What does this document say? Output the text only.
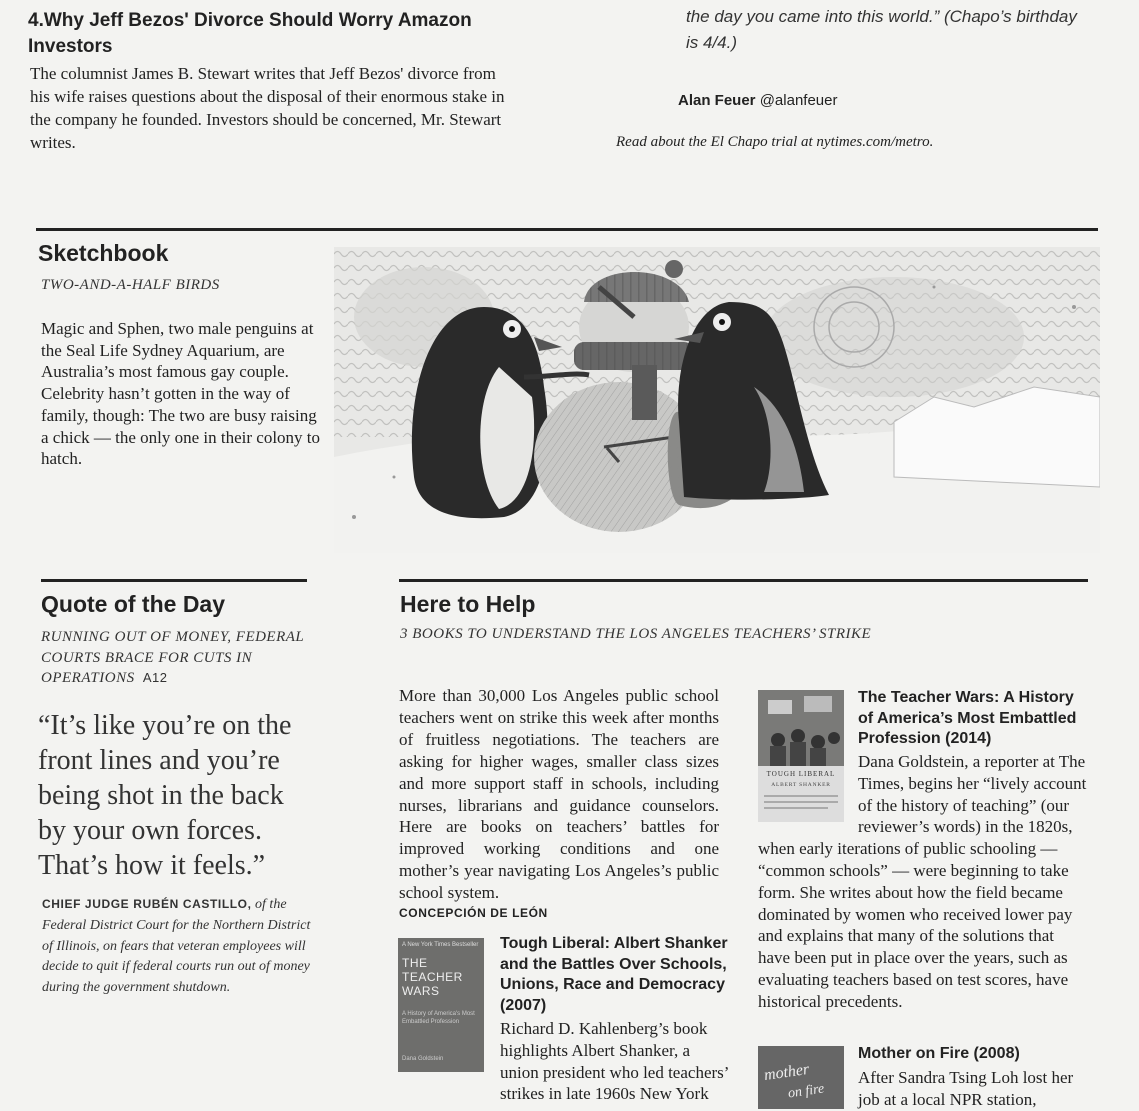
4.Why Jeff Bezos' Divorce Should Worry Amazon Investors
The columnist James B. Stewart writes that Jeff Bezos' divorce from his wife raises questions about the disposal of their enormous stake in the company he founded. Investors should be concerned, Mr. Stewart writes.
the day you came into this world.” (Chapo’s birthday
is 4/4.)
Alan Feuer @alanfeuer
Read about the El Chapo trial at nytimes.com/metro.
Sketchbook
TWO-AND-A-HALF BIRDS
Magic and Sphen, two male penguins at the Seal Life Sydney Aquarium, are Australia’s most famous gay couple. Celebrity hasn’t gotten in the way of family, though: The two are busy raising a chick — the only one in their colony to hatch.
Quote of the Day
RUNNING OUT OF MONEY, FEDERAL COURTS BRACE FOR CUTS IN OPERATIONS A12
“It’s like you’re on the front lines and you’re being shot in the back by your own forces. That’s how it feels.”
CHIEF JUDGE RUBÉN CASTILLO, of the Federal District Court for the Northern District of Illinois, on fears that veteran employees will decide to quit if federal courts run out of money during the government shutdown.
Here to Help
3 BOOKS TO UNDERSTAND THE LOS ANGELES TEACHERS’ STRIKE
More than 30,000 Los Angeles public school teachers went on strike this week after months of fruitless negotiations. The teachers are asking for higher wages, smaller class sizes and more support staff in schools, including nurses, librarians and guidance counselors. Here are books on teachers’ battles for improved working conditions and one mother’s year navigating Los Angeles’s public school system.
CONCEPCIÓN DE LEÓN
A New York Times Bestseller
THE
TEACHER
WARS
A History of America's Most Embattled Profession
Dana Goldstein
Tough Liberal: Albert Shanker and the Battles Over Schools, Unions, Race and Democracy (2007)
Richard D. Kahlenberg’s book highlights Albert Shanker, a union president who led teachers’ strikes in late 1960s New York
TOUGH LIBERAL
ALBERT SHANKER
The Teacher Wars: A History of America’s Most Embattled Profession (2014)
Dana Goldstein, a reporter at The Times, begins her “lively account of the history of teaching” (our reviewer’s words) in the 1820s, when early iterations of public schooling — “common schools” — were beginning to take form. She writes about how the field became dominated by women who received lower pay and explains that many of the solutions that have been put in place over the years, such as evaluating teachers based on test scores, have historical precedents.
mother
on fire
Mother on Fire (2008)
After Sandra Tsing Loh lost her job at a local NPR station,
